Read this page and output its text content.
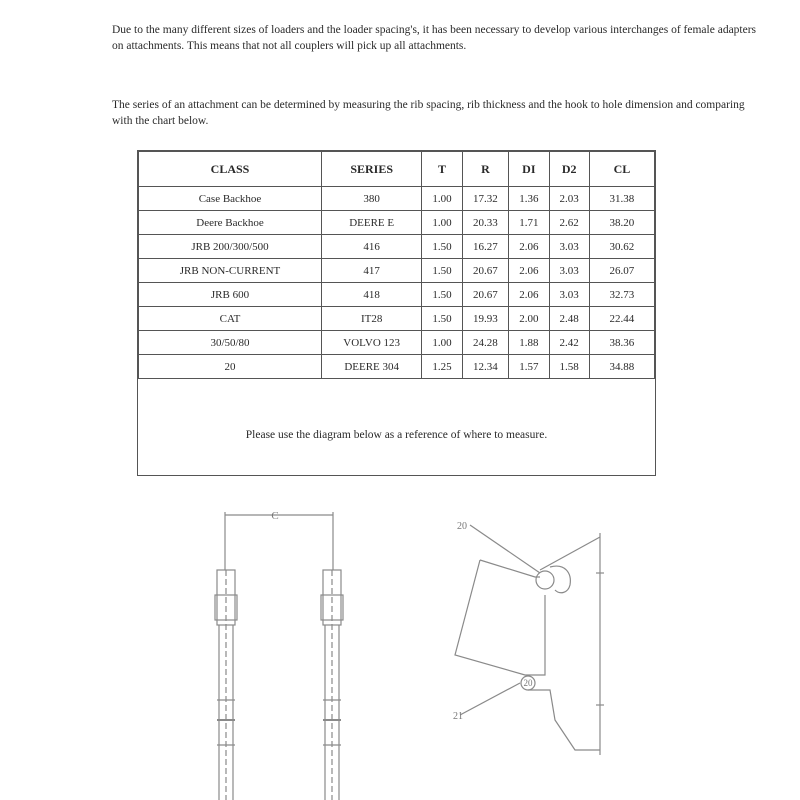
Due to the many different sizes of loaders and the loader spacing's, it has been necessary to develop various interchanges of female adapters on attachments. This means that not all couplers will pick up all attachments.
The series of an attachment can be determined by measuring the rib spacing, rib thickness and the hook to hole dimension and comparing with the chart below.
CLASS	SERIES	T	R	DI	D2	CL
Case Backhoe	380	1.00	17.32	1.36	2.03	31.38
Deere Backhoe	DEERE E	1.00	20.33	1.71	2.62	38.20
JRB 200/300/500	416	1.50	16.27	2.06	3.03	30.62
JRB NON-CURRENT	417	1.50	20.67	2.06	3.03	26.07
JRB 600	418	1.50	20.67	2.06	3.03	32.73
CAT	IT28	1.50	19.93	2.00	2.48	22.44
30/50/80	VOLVO 123	1.00	24.28	1.88	2.42	38.36
20	DEERE 304	1.25	12.34	1.57	1.58	34.88
Please use the diagram below as a reference of where to measure.
C
20
20
21
